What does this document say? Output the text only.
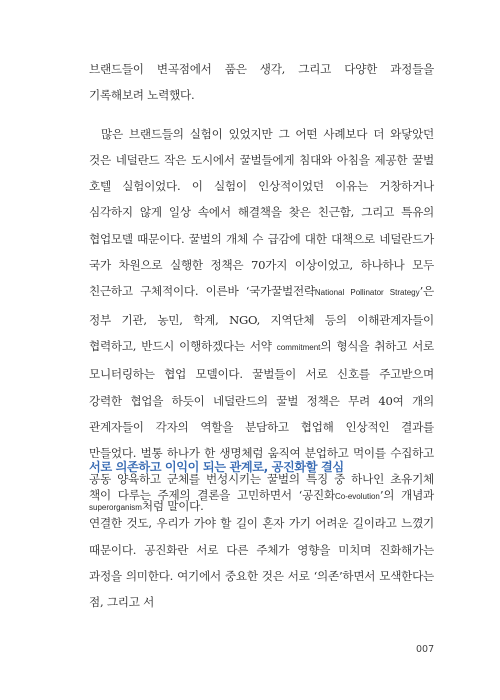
브랜드들이 변곡점에서 품은 생각, 그리고 다양한 과정들을 기록해보려 노력했다.

많은 브랜드들의 실험이 있었지만 그 어떤 사례보다 더 와닿았던 것은 네덜란드 작은 도시에서 꿀벌들에게 침대와 아침을 제공한 꿀벌 호텔 실험이었다. 이 실험이 인상적이었던 이유는 거창하거나 심각하지 않게 일상 속에서 해결책을 찾은 친근함, 그리고 특유의 협업모델 때문이다. 꿀벌의 개체 수 급감에 대한 대책으로 네덜란드가 국가 차원으로 실행한 정책은 70가지 이상이었고, 하나하나 모두 친근하고 구체적이다. 이른바 ‘국가꿀벌전략National Pollinator Strategy’은 정부 기관, 농민, 학계, NGO, 지역단체 등의 이해관계자들이 협력하고, 반드시 이행하겠다는 서약 commitment의 형식을 취하고 서로 모니터링하는 협업 모델이다. 꿀벌들이 서로 신호를 주고받으며 강력한 협업을 하듯이 네덜란드의 꿀벌 정책은 무려 40여 개의 관계자들이 각자의 역할을 분담하고 협업해 인상적인 결과를 만들었다. 벌통 하나가 한 생명체럼 움직여 분업하고 먹이를 수집하고 공동 양육하고 군체를 번성시키는 꿀벌의 특징 중 하나인 초유기체 superorganism처럼 말이다.

서로 의존하고 이익이 되는 관계로, 공진화할 결심

책이 다루는 주제의 결론을 고민하면서 ‘공진화Co-evolution’의 개념과 연결한 것도, 우리가 가야 할 길이 혼자 가기 어려운 길이라고 느꼈기 때문이다. 공진화란 서로 다른 주체가 영향을 미치며 진화해가는 과정을 의미한다. 여기에서 중요한 것은 서로 ‘의존’하면서 모색한다는 점, 그리고 서

007
